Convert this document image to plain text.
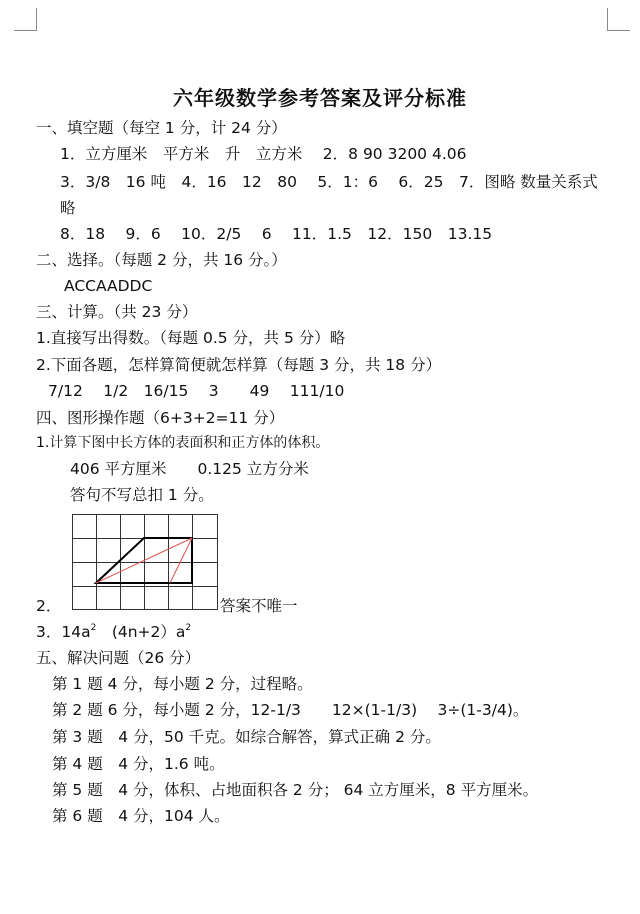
六年级数学参考答案及评分标准
一、填空题（每空 1 分，计 24 分）
1．立方厘米　平方米　升　立方米　 2．8 90 3200 4.06
3．3/8　16 吨　4．16　12　80　 5．1：6　 6．25　7．图略 数量关系式
略
8．18　 9．6　 10．2/5　 6　 11．1.5　12．150　13.15
二、选择。（每题 2 分，共 16 分。）
ACCAADDC
三、计算。（共 23 分）
1.直接写出得数。（每题 0.5 分，共 5 分）略
2.下面各题，怎样算简便就怎样算（每题 3 分，共 18 分）
7/12　 1/2　16/15　 3　　49　 111/10
四、图形操作题（6+3+2=11 分）
1.计算下图中长方体的表面积和正方体的体积。
406 平方厘米　　0.125 立方分米
答句不写总扣 1 分。
2．	答案不唯一
3．$14a^2$　$(4n+2)a^2$
五、解决问题（26 分）
第 1 题 4 分，每小题 2 分，过程略。
第 2 题 6 分，每小题 2 分，12-1/3　　12×(1-1/3)　 3÷(1-3/4)。
第 3 题　4 分，50 千克。如综合解答，算式正确 2 分。
第 4 题　4 分，1.6 吨。
第 5 题　4 分，体积、占地面积各 2 分； 64 立方厘米，8 平方厘米。
第 6 题　4 分，104 人。
